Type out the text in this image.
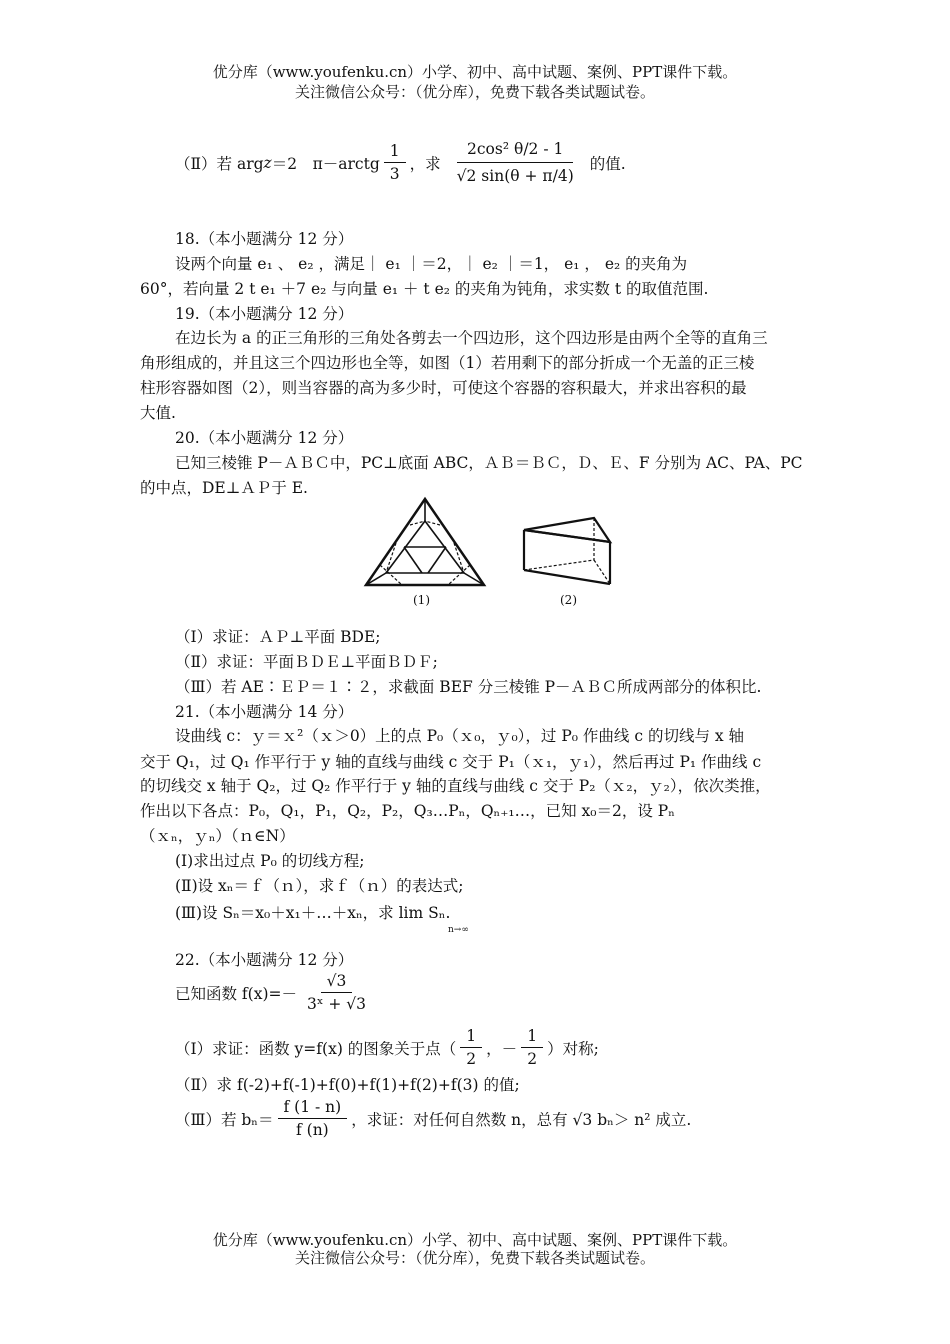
优分库（www.youfenku.cn）小学、初中、高中试题、案例、PPT课件下载。
关注微信公众号：（优分库），免费下载各类试题试卷。
（Ⅱ）若 arg z ＝2　π－arctg $\frac{1}{3}$ ，求 $\frac{\text{2cos² θ/2 ‑ 1}}{√2 \sin(\theta + \pi/4)}$ 的值.
18.（本小题满分 12 分）
设两个向量 e₁ 、 e₂ ，满足｜ e₁ ｜＝2，｜ e₂ ｜＝1， e₁ ， e₂ 的夹角为
60°，若向量 2 t e₁ ＋7 e₂ 与向量 e₁ ＋ t e₂ 的夹角为钝角，求实数 t 的取值范围.
19.（本小题满分 12 分）
在边长为 a 的正三角形的三角处各剪去一个四边形，这个四边形是由两个全等的直角三
角形组成的，并且这三个四边形也全等，如图（1）若用剩下的部分折成一个无盖的正三棱
柱形容器如图（2），则当容器的高为多少时，可使这个容器的容积最大，并求出容积的最
大值.
20.（本小题满分 12 分）
已知三棱锥 P－ＡＢＣ中，PC⊥底面 ABC，ＡＢ＝ＢＣ，Ｄ、Ｅ、F 分别为 AC、PA、PC
的中点，DE⊥ＡＰ于 E.
(1)	(2)
（Ⅰ）求证：ＡＰ⊥平面 BDE;
（Ⅱ）求证：平面ＢＤＥ⊥平面ＢＤＦ;
（Ⅲ）若 AE∶ＥＰ＝１∶２，求截面 BEF 分三棱锥 P－ＡＢＣ所成两部分的体积比.
21.（本小题满分 14 分）
设曲线 c：ｙ＝ｘ²（ｘ＞0）上的点 P₀（ｘ₀，ｙ₀），过 P₀ 作曲线 c 的切线与 x 轴
交于 Q₁，过 Q₁ 作平行于 y 轴的直线与曲线 c 交于 P₁（ｘ₁，ｙ₁），然后再过 P₁ 作曲线 c
的切线交 x 轴于 Q₂，过 Q₂ 作平行于 y 轴的直线与曲线 c 交于 P₂（ｘ₂，ｙ₂），依次类推，
作出以下各点：P₀，Q₁，P₁，Q₂，P₂，Q₃…Pₙ，Qₙ₊₁…，已知 x₀＝2，设 Pₙ
（ｘₙ，ｙₙ）（ｎ∈N）
(Ⅰ)求出过点 P₀ 的切线方程;
(Ⅱ)设 xₙ＝ｆ（ｎ），求ｆ（ｎ）的表达式;
(Ⅲ)设 Sₙ＝x₀＋x₁＋…＋xₙ，求 lim Sₙ.
n→∞
22.（本小题满分 12 分）
已知函数 $f(x)=- \frac{√3}{\text{3ˣ + √3}}$
（Ⅰ）求证：函数 y=f(x) 的图象关于点（ $\frac{1}{2}$ ，－ $\frac{1}{2}$ ）对称;
（Ⅱ）求 f(-2)+f(-1)+f(0)+f(1)+f(2)+f(3) 的值;
（Ⅲ）若 $b_n= \frac{f (1 - n)}{f (n)}$ ，求证：对任何自然数 n，总有 √3 bₙ＞ n² 成立.
优分库（www.youfenku.cn）小学、初中、高中试题、案例、PPT课件下载。
关注微信公众号：（优分库），免费下载各类试题试卷。
